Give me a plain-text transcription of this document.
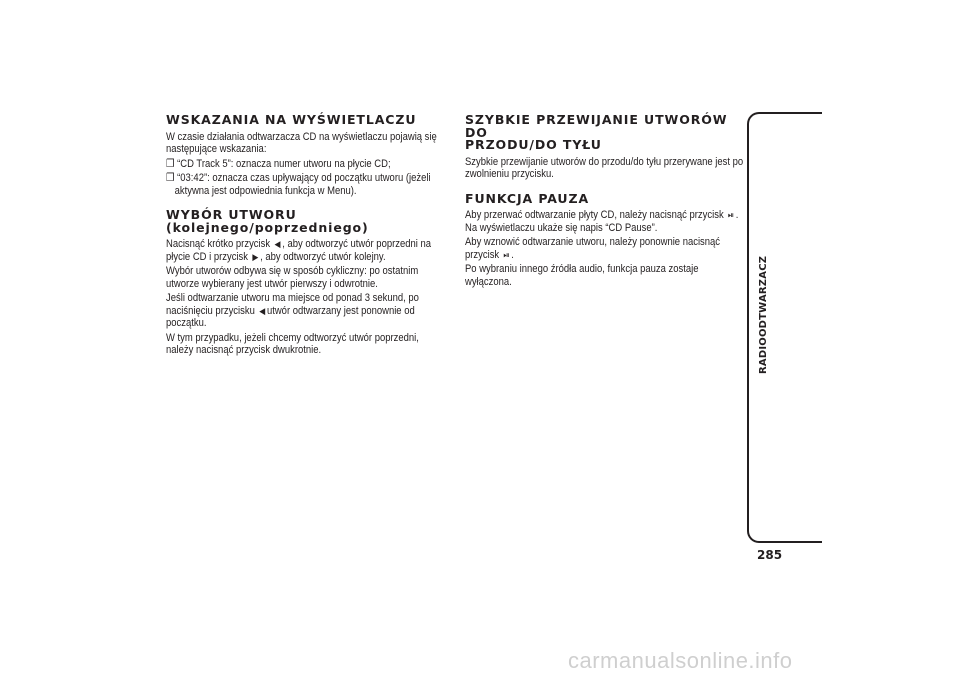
WSKAZANIA NA WYŚWIETLACZU

W czasie działania odtwarzacza CD na wyświetlaczu pojawią się następujące wskazania:

❒ “CD Track 5”: oznacza numer utworu na płycie CD;

❒ “03:42”: oznacza czas upływający od początku utworu (jeżeli aktywna jest odpowiednia funkcja w Menu).

WYBÓR UTWORU
(kolejnego/poprzedniego)

Nacisnąć krótko przycisk ◀ , aby odtworzyć utwór poprzedni na płycie CD i przycisk ▶ , aby odtworzyć utwór kolejny.

Wybór utworów odbywa się w sposób cykliczny: po ostatnim utworze wybierany jest utwór pierwszy i odwrotnie.

Jeśli odtwarzanie utworu ma miejsce od ponad 3 sekund, po naciśnięciu przycisku ◀ utwór odtwarzany jest ponownie od początku.

W tym przypadku, jeżeli chcemy odtworzyć utwór poprzedni, należy nacisnąć przycisk dwukrotnie.

SZYBKIE PRZEWIJANIE UTWORÓW DO
PRZODU/DO TYŁU

Szybkie przewijanie utworów do przodu/do tyłu przerywane jest po zwolnieniu przycisku.

FUNKCJA PAUZA

Aby przerwać odtwarzanie płyty CD, należy nacisnąć przycisk ⏯ . Na wyświetlaczu ukaże się napis “CD Pause”.

Aby wznowić odtwarzanie utworu, należy ponownie nacisnąć przycisk ⏯ .

Po wybraniu innego źródła audio, funkcja pauza zostaje wyłączona.	RADIOODTWARZACZ
285
carmanualsonline.info
